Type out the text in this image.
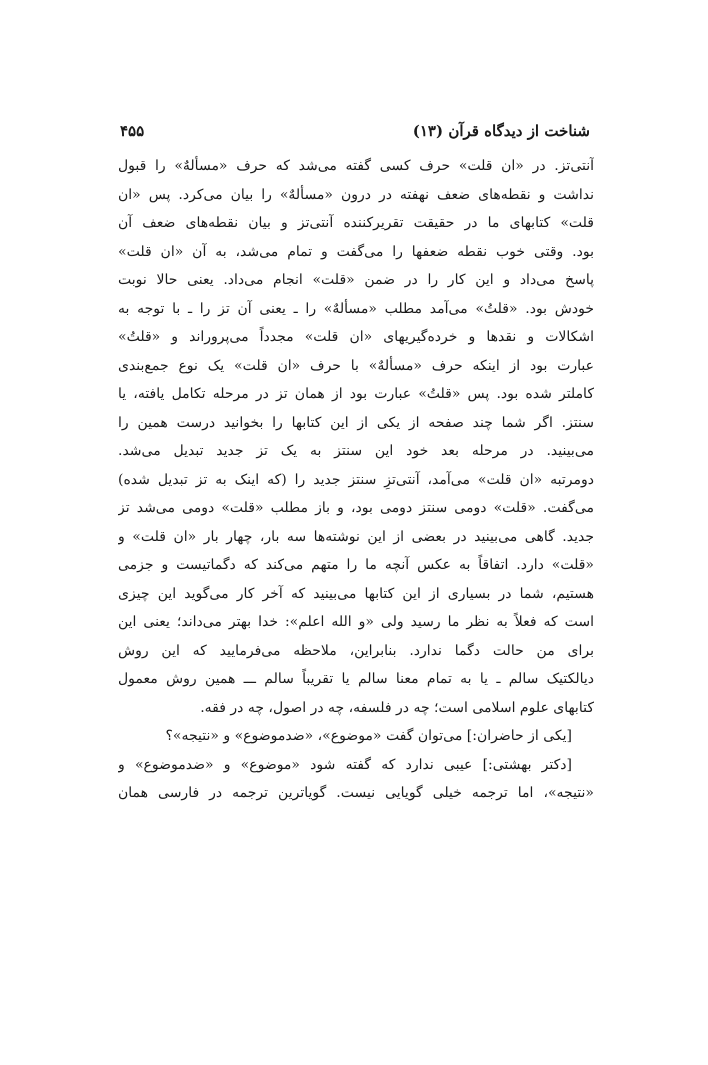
شناخت از دیدگاه قرآن (۱۳)
۴۵۵
آنتی‌تز. در «ان قلت» حرف کسی گفته می‌شد که حرف «مسألهٌ» را قبول
نداشت و نقطه‌های ضعف نهفته در درون «مسألهٌ» را بیان می‌کرد. پس «ان
قلت» کتابهای ما در حقیقت تقریرکننده آنتی‌تز و بیان نقطه‌های ضعف آن
بود. وقتی خوب نقطه ضعفها را می‌گفت و تمام می‌شد، به آن «ان قلت»
پاسخ می‌داد و این کار را در ضمن «قلت» انجام می‌داد. یعنی حالا نوبت
خودش بود. «قلتُ» می‌آمد مطلب «مسألهٌ» را ـ یعنی آن تز را ـ با توجه به
اشکالات و نقدها و خرده‌گیریهای «ان قلت» مجدداً می‌پروراند و «قلتُ»
عبارت بود از اینکه حرف «مسألهٌ» با حرف «ان قلت» یک نوع جمع‌بندی
کاملتر شده بود. پس «قلتُ» عبارت بود از همان تز در مرحله تکامل یافته، یا
سنتز. اگر شما چند صفحه از یکی از این کتابها را بخوانید درست همین را
می‌بینید. در مرحله بعد خود این سنتز به یک تز جدید تبدیل می‌شد.
دومرتبه «ان قلت» می‌آمد، آنتی‌تزِ سنتز جدید را (که اینک به تز تبدیل شده)
می‌گفت. «قلت» دومی سنتز دومی بود، و باز مطلب «قلت» دومی می‌شد تز
جدید. گاهی می‌بینید در بعضی از این نوشته‌ها سه بار، چهار بار «ان قلت» و
«قلت» دارد. اتفاقاً به عکس آنچه ما را متهم می‌کند که دگماتیست و جزمی
هستیم، شما در بسیاری از این کتابها می‌بینید که آخر کار می‌گوید این چیزی
است که فعلاً به نظر ما رسید ولی «و الله اعلم»: خدا بهتر می‌داند؛ یعنی این
برای من حالت دگما ندارد. بنابراین، ملاحظه می‌فرمایید که این روش
دیالکتیک سالم ـ یا به تمام معنا سالم یا تقریباً سالم ـــ همین روش معمول
کتابهای علوم اسلامی است؛ چه در فلسفه، چه در اصول، چه در فقه.
[یکی از حاضران:] می‌توان گفت «موضوع»، «ضدموضوع» و «نتیجه»؟
[دکتر بهشتی:] عیبی ندارد که گفته شود «موضوع» و «ضدموضوع» و
«نتیجه»، اما ترجمه خیلی گویایی نیست. گویاترین ترجمه در فارسی همان
